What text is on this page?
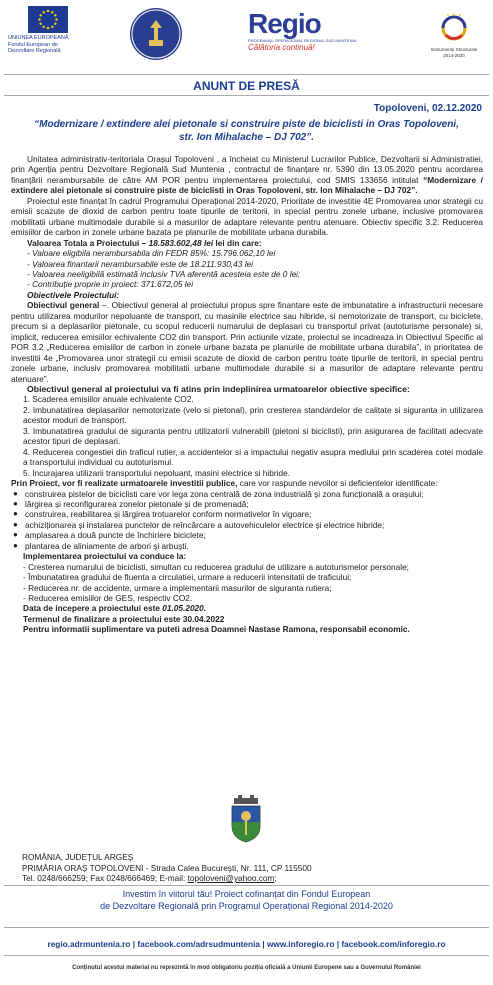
UNIUNEA EUROPEANĂ
Fondul European de
Dezvoltare Regională
Regio
PROGRAMUL OPERAȚIONAL REGIONAL SUD MUNTENIA
Călătoria continuă!	Instrumente Structurale
2014-2020
ANUNT DE PRESĂ
Topoloveni, 02.12.2020
“Modernizare / extindere alei pietonale si construire piste de biciclisti in Oras Topoloveni,
str. Ion Mihalache – DJ 702”.

Unitatea administrativ-teritoriala Orașul Topoloveni , a încheiat cu Ministerul Lucrarilor Publice, Dezvoltarii si Administratiei, prin Agenția pentru Dezvoltare Regională Sud Muntenia , contractul de finanțare nr. 5390 din 13.05.2020 pentru acordarea finanțării nerambursabile de către AM POR pentru implementarea proiectului, cod SMIS 133656 intitulat “Modernizare / extindere alei pietonale si construire piste de biciclisti in Oras Topoloveni, str. Ion Mihalache – DJ 702”.

Proiectul este finanțat în cadrul Programului Operațional 2014-2020, Prioritate de investitie 4E Promovarea unor strategii cu emisii scazute de dioxid de carbon pentru toate tipurile de teritorii, in special pentru zonele urbane, inclusive promovarea mobilitatii urbane multimodale durabile si a masurilor de adaptare relevante pentru atenuare. Obiectiv specific 3.2: Reducerea emisiilor de carbon in zonele urbane bazata pe planurile de mobilitate urbana durabila.

Valoarea Totala a Proiectului – 18.583.602,48 lei lei din care:

- Valoare eligibila nerambursabila din FEDR 85%: 15.796.062,10 lei

- Valoarea finantarii nerambursabile este de 18.211.930,43 lei

- Valoarea neeligibilă estimată inclusiv TVA aferentă acesteia este de 0 lei;

- Contribuție proprie in proiect: 371.672,05 lei

Obiectivele Proiectului:

Obiectivul general –. Obiectivul general al proiectului propus spre finantare este de imbunatatire a infrastructurii necesare pentru utilizarea modurilor nepoluante de transport, cu masinile electrice sau hibride, si nemotorizate de transport, cu biciclete, precum si a deplasarilor pietonale, cu scopul reducerii numarului de deplasari cu transportul privat (autoturisme personale) si, implicit, reducerea emisiilor echivalente CO2 din transport. Prin actiunile vizate, proiectul se incadreaza in Obiectivul Specific al POR 3.2 „Reducerea emisiilor de carbon in zonele urbane bazata pe planurile de mobilitate urbana durabila”, in prioritatea de investitii 4e „Promovarea unor strategii cu emisii scazute de dioxid de carbon pentru toate tipurile de teritorii, in special pentru zonele urbane, inclusiv promovarea mobilitatii urbane multimodale durabile si a masurilor de adaptare relevante pentru atenuare”.

Obiectivul general al proiectului va fi atins prin indeplinirea urmatoarelor obiective specifice:

1. Scaderea emisiilor anuale echivalente CO2.

2. Imbunatatirea deplasarilor nemotorizate (velo si pietonal), prin cresterea standardelor de calitate si siguranta in utilizarea acestor moduri de transport.

3. Imbunatatirea gradului de siguranta pentru utilizatorii vulnerabili (pietoni si biciclisti), prin asigurarea de facilitati adecvate acestor tipuri de deplasari.

4. Reducerea congestiei din traficul rutier, a accidentelor si a impactului negativ asupra mediului prin scaderea cotei modale a transportului individual cu autoturismul.

5. Incurajarea utilizarii transportului nepoluant, masini electrice si hibride.

Prin Proiect, vor fi realizate urmatoarele investitii publice, care vor raspunde nevoilor si deficientelor identificate:

● construirea pistelor de biciclisti care vor lega zona centrală de zona industrială și zona funcțională a orașului;

● lărgirea și reconfigurarea zonelor pietonale și de promenadă;

● construirea, reabilitarea și lărgirea trotuarelor conform normativelor în vigoare;

● achiziționarea și instalarea punctelor de reîncărcare a autovehiculelor electrice și electrice hibride;

● amplasarea a două puncte de închiriere biciclete;

● plantarea de aliniamente de arbori și arbuști.

Implementarea proiectului va conduce la:

- Cresterea numarului de biciclisti, simultan cu reducerea gradului de utilizare a autoturismelor personale;

- Îmbunatatirea gradului de fluenta a circulatiei, urmare a reducerii intensitatii de traficului;

- Reducerea nr. de accidente, urmare a implementarii masurilor de siguranta rutiera;

- Reducerea emisiilor de GES, respectiv CO2.

Data de incepere a proiectului este 01.05.2020.

Termenul de finalizare a proiectului este 30.04.2022

Pentru informatii suplimentare va puteti adresa Doamnei Nastase Ramona, responsabil economic.

ROMÂNIA, JUDEȚUL ARGEȘ
PRIMĂRIA ORAȘ TOPOLOVENI - Strada Calea Bucureşti, Nr. 111, CP 115500
Tel. 0248/666259; Fax 0248/666469; E-mail: topoloveni@yahoo.com;
Investim în viitorul tău! Proiect cofinanțat din Fondul European
de Dezvoltare Regională prin Programul Operațional Regional 2014-2020
regio.adrmuntenia.ro | facebook.com/adrsudmuntenia | www.inforegio.ro | facebook.com/inforegio.ro
Conținutul acestui material nu reprezintă în mod obligatoriu poziția oficială a Uniunii Europene sau a Guvernului României
